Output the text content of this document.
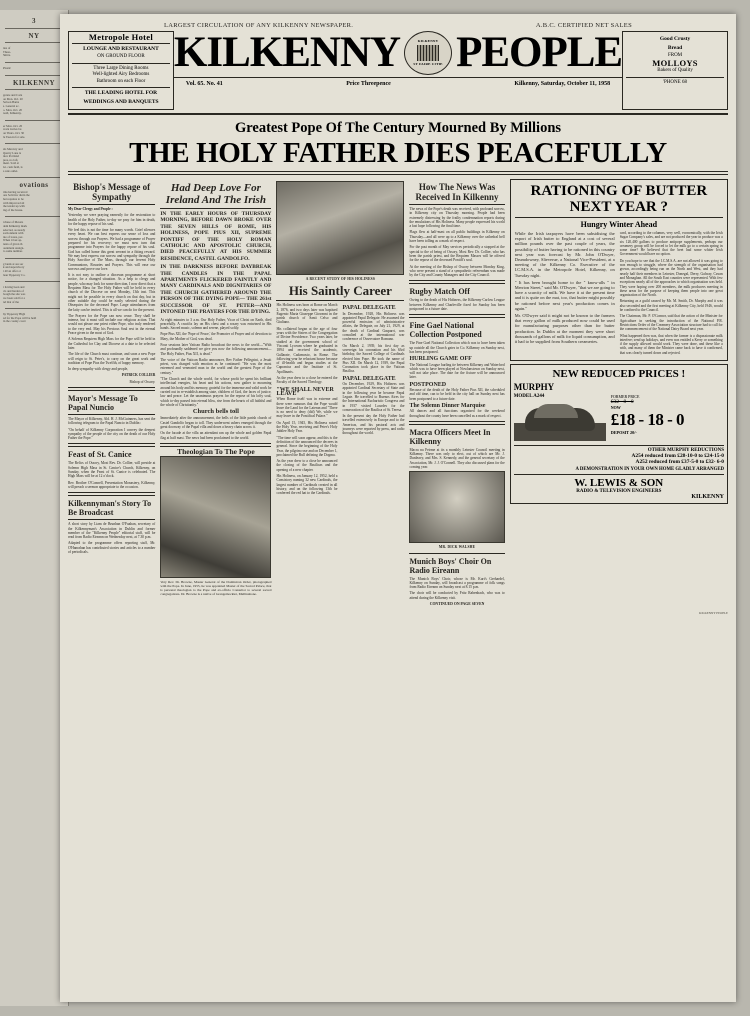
3
NY
ites of
Three-
Shirts.
Plastic
KILKENNY
gerate and Cork
on Mon. Oct. 20
Saloon Barns
s. General ac.
o. Mon. Oct. 20
reall, Kilkenny.
er Mon. Oct. 20
work lorries bu
on Thurs. Oct. 30
le Tues.in for sale.
als Mercury and
Quarry Lane is
nice Portland
pres, no loft,
ment. Sold at
Gi. cash field, is
a sale outlet.
ovations
rms having received
ons Solicitor durin the
hat requires to be
with improved alt
the tender up with
ing of the house.
rchase of Messrs
dem Kilkenny mark
selected, as steady
sortionment with
nte of loans, per-
When it last ap-
ients of given th
ountment Assign-
to same number.
g lands at are ser
k and supervisory
t 40 an offer or
lean Tipperary Co.
r having been and
cts and burden of
bough the site was
we been sold for a
nd that of the
hy Tipperary High
ad for the Pope will be held
in the county court
LARGEST CIRCULATION OF ANY KILKENNY NEWSPAPER.	A.B.C. CERTIFIED NET SALES
Metropole Hotel
LOUNGE AND RESTAURANT
ON GROUND FLOOR
Three Large Dining Rooms
Well-lighted Airy Bedrooms
Bathroom on each Floor
THE LEADING HOTEL FOR
WEDDINGS AND BANQUETS
KILKENNY	KILKENNY
ST FAIRE CITIE PEOPLE
Vol. 65. No. 41	Price Threepence	Kilkenny, Saturday, October 11, 1958
Good Crusty
Bread
FROM
MOLLOYS
Bakers of Quality
'PHONE 68
Greatest Pope Of The Century Mourned By Millions
THE HOLY FATHER DIES PEACEFULLY
Bishop's Message of Sympathy

My Dear Clergy and People :

Yesterday we were praying earnestly for the restoration to health of the Holy Father, to-day we pray for him in death, for the happy repose of his soul.

We feel this is not the time for many words. Grief silences every heart. We can best express our sense of loss and sorrow through our Prayers. We had a programme of Prayer prepared for his recovery; we must now turn that programme into Prayers for the happy repose of his soul. God has called home this great servant in a fitting reward. We may best express our sorrow and sympathy through the Holy Sacrifice of The Mass, through our fervent Holy Communions, Rosaries and Prayers. This will ease our sorrows and prove our love.

It is not easy to outline a diocesan programme at short notice, for a changed situation. As a help to clergy and people, who may look for some direction, I now direct that a Requiem Mass for The Holy Father will be held in every church of the Diocese on next Monday, 13th inst. This might not be possible in every church on that day, but in other suitable day could be easily selected during the Obsequies for the deceased Pope. Large attendances from the laity can be invited. This is all we can do for the present.

The Prayers for the Pope can now cease. They shall be intense, but it must still include our religious action. That would not please one priest either Pope, who truly rendered to the very end. May his Precious Soul rest in the eternal Peace given to the most of God.

A Solemn Requiem High Mass for the Pope will be held in the Cathedral for Clay and Diocese at a date to be selected later.

The life of the Church must continue, and soon a new Pope will reign to St. Peter's, to carry on the great work and tradition of Pope Pius the Twelfth, of happy memory.

In deep sympathy with clergy and people,

PATRICK COLLIER

Bishop of Ossory.

Mayor's Message To Papal Nuncio

The Mayor of Kilkenny, Ald. H. J. McGuinness, has sent the following telegram to the Papal Nuncio in Dublin :

"On behalf of Kilkenny Corporation I convey the deepest sympathy of the people of the city on the death of our Holy Father the Pope."

Feast of St. Canice

The Relics of Ossory, Most Rev. Dr. Collier, will preside at Solemn High Mass in St. Canice's Church, Kilkenny, on Sunday, when the Feast of St. Canice is celebrated. The High Mass will be at 12 o'clock.

Rev. Brother O'Connell, Presentation Monastery, Kilkenny, will preach a sermon appropriate to the occasion.

Kilkennyman's Story To Be Broadcast

A short story by Liam de Brunhan O'Fuahan, secretary of the Kilkennyman's Association in Dublin and former member of the "Kilkenny People" editorial staff, will be read from Radio Eireann on Wednesday next, at 7.30 p.m.

Adapted to the programme offers reporting staff, Mr. O'Hanrahan has contributed stories and articles to a number of periodicals.

Had Deep Love For Ireland And The Irish

IN THE EARLY HOURS OF THURSDAY MORNING, BEFORE DAWN BROKE OVER THE SEVEN HILLS OF ROME, HIS HOLINESS, POPE PIUS XII, SUPREME PONTIFF OF THE HOLY ROMAN CATHOLIC AND APOSTOLIC CHURCH, DIED PEACEFULLY AT HIS SUMMER RESIDENCE, CASTEL GANDOLFO.

IN THE DARKNESS BEFORE DAYBREAK THE CANDLES IN THE PAPAL APARTMENTS FLICKERED FAINTLY AND MANY CARDINALS AND DIGNITARIES OF THE CHURCH GATHERED AROUND THE PERSON OF THE DYING POPE— THE 261st SUCCESSOR OF ST. PETER—AND INTONED THE PRAYERS FOR THE DYING.

At eight minutes to 3 a.m. Our Holy Father, Vicar of Christ on Earth, died peacefully. A crucifix lay on His chest and a rosary was entwined in His hands. Sacred music, solemn and serene, played softly.

Pope Pius XII, the 'Pope of Peace,' the Promoter of Prayer and of devotion to Mary, the Mother of God, was dead.

Four sessions later Vatican Radio broadcast the news to the world—"With and profoundly saddened we give you now the following announcement—The Holy Father, Pius XII, is dead."

The voice of the Vatican Radio announcer, Rev Father Pellegrini, a Jesuit priest, was charged with emotion as he continued: "He was the most esteemed and venerated man in the world and the greatest Pope of the century."

"The Church and the whole world, for whose profit he spent his brilliant intellectual energies, his heart and his actions, now gather to mourning around his body and his memory, grateful for the immense and valid work he carried out in re-establish among state, children of God, the faces of justice, law and peace. Let the unanimous prayers for the repose of his lofty soul, which to-day passed into eternal bliss, rise from the hearts of all faithful and the whole of Christianity."

Church bells toll

Immediately after the announcement, the bells of the little parish church of Castel Gandolfo began to toll. They underwent ushers emerged through the great doorway of the Papal villa and down a heavy chain across it.

On the facade at the villa an attendant ran up the whole and golden Papal flag at half mast. The news had been proclaimed to the world.

Theologian To The Pope

Very Rev. Dr. Browne, Master General of the Dominican Order, photographed with the Pope. In June, 1955, he was appointed Master of the Sacred Palace, that is personal theologian to the Pope and ex-officio Consultor to several sacred congregations. Dr. Browne is a native of Grangemockler, Mullinahone.

A RECENT STUDY OF HIS HOLINESS
His Saintly Career

His Holiness was born at Rome on March 2, 1876, and two days later was baptised Eugenio Maria Giuseppe Giovanni in the parish church of Santi Celso and Giuliano.

His collateral began at the age of four years with the Sisters of the Congregation of Divine Providence. Two years later, he studied at the government school of Visconti Lyceum where he graduated in 1894 and received the academic, Gallarate, Cadamosto, in Rome. The following year he reluctant house because of ill-health and began studies at the Capranica and the Institute of St. Apollinaris.

As the year drew to a close he entered the Faculty of the Sacred Theology.

"WE SHALL NEVER LEAVE"

When Rome itself was in extreme and there were rumours that the Pope would leave the Land for the Lateran and "There is no need to deny (did) We, while we may leave in the Pontifical Palace."

On April 15, 1945, His Holiness raised the Holy Year, receiving and Peter's Holy Jubilee Holy Year.

"The time will soon appear, and this is the definition of the announced the decrees in general. Since the beginning of the Holy Year, the pilgrim rose and on December 1, proclaimed the Bull defining the Dogma.

As the year drew to a close he announced the closing of the Basilicas and the opening of a new chapter.

His Holiness, on January 12, 1952, held a Consistory naming 32 new Cardinals, the largest number of Cardinals created in all history, and on the following 13th he conferred the red hat to the Cardinals.

PAPAL DELEGATE

In December, 1928, His Holiness was appointed Papal Delegate. He assumed the powerful emission of administrative affairs, the Delegate, on July 21, 1929, at the death of Cardinal Gasparri, was consulted at the international war conference of Osservatore Romano.

On March 2, 1939, his first day as sovereign his coronation and his 63rd birthday, the Sacred College of Cardinals elected him Pope. He took the name of Pius XII. On March 12, 1939, the Papal Coronation took place in the Vatican Basilica.

PAPAL DELEGATE

On December, 1929, His Holiness was appointed Cardinal Secretary of State and in the following year he became Papal Legate. He travelled to Buenos Aires for the International Eucharistic Congress and in 1937 visited Lourdes for the consecration of the Basilica of St. Teresa.

In the present day the Holy Father had travelled extensively in Europe and to the Americas, and his pastoral acts and journeys were reported by press, and radio throughout the world.

How The News Was Received In Kilkenny

The news of the Pope's death was received, with profound sorrow, in Kilkenny city on Thursday morning. People had been extremely distressing by the frailty condemnation reports during the emulations of His Holiness. Many people expressed his world a fast hope following the final time.

Flags flew at half-mast on all public buildings in Kilkenny on Thursday—and all were up to a Kilkenny over the cathedral bell have been tolling as a mark of respect.

For the past month of May services periodically a stopped at the special to the of being of Ossory, Most Rev. Dr. Collier, who has been the parish priest, and the Requiem Masses will be offered for the repose of the deceased Pontiff's soul.

At the meeting of the Bishop of Ossory between Monday King, who were present a stand of a sympathetic referendum was made by the City and County Managers and the City Council.

Rugby Match Off

Owing to the death of His Holiness, the Kilkenny-Carlow League between Kilkenny and Charleville fixed for Sunday has been postponed to a future date.

Fine Gael National Collection Postponed

The Fine Gael National Collection which was to have been taken up outside all the Church gates in Co. Kilkenny on Sunday next, has been postponed.

HURLING GAME OFF

The National League hurling tie between Kilkenny and Waterford which was to have been played at Nowlanstown on Sunday next, will not take place. The date for the fixture will be announced later.

POSTPONED

Because of the death of the Holy Father Pius XII, the scheduled and old time, can to be held in the city hall on Sunday next has been postponed to a future date.

The Solemn Dinner Marquise

All dances and all functions organised for the weekend throughout the county have been cancelled as a mark of respect.

Macra Officers Meet In Kilkenny

Macra na Feirme at its a monthly Leinster Council meeting in Kilkenny. There was only to elect, out of which are Mr. J. Dunleavy, and Mrs. S. Kennedy, and the general secretary of the Association, Mr. J. J. O'Connell. They also discussed plans for the coming year.

MR. DICK WALSHE
Munich Boys' Choir On Radio Eireann

The Munich Boys' Choir, whose is Mr. Kurt's Gerhardel, Kilkenny on Sunday, will broadcast a programme of folk songs from Radio Eireann on Sunday next at 8.15 p.m.

The choir will be conducted by Fritz Rabenbach, who was to attend during the Kilkenny visit.

CONTINUED ON PAGE SEVEN

RATIONING OF BUTTER NEXT YEAR ?
Hungry Winter Ahead

While the Irish taxpayers have been subsidising the export of Irish butter to England at a cost of several million pounds over the past couple of years, the possibility of butter having to be rationed in this country next year was forecast by Mr. John O'Dwyer, Drumdowney, Slieverue, a National Vice-President, at a meeting of the Kilkenny Co. Executive of the I.C.M.S.A. in the Metropole Hotel, Kilkenny, on Tuesday night.

" It has been brought home to the " know-alls " in Merrion Street," said Mr. O'Dwyer, "that we are going to have a scarcity of milk. We have it at the present time and it is quite on the mat, too, that butter might possibly be rationed before next year's production comes in again."

Mr. O'Dwyer said it might not be known to the farmers that every gallon of milk produced now could be used for manufacturing purposes other than for butter production. In Dublin at the moment they were short thousands of gallons of milk for liquid consumption, and it had to be supplied from Southern creameries.

card, according to the columns, very well, economically, with the Irish Sugar Company's sales, and are not produced the year in produce was a six 120,400 gallons to produce antipope supplements, perhaps our creamery group will be forced to let the milk go to a certain spring in some time? He believed that the beet had some whiter Irish Government would have no option.

Do you hope to see that the I.C.M.S.A. are not allowed it was going to was enough to struggle, where the strength of the organisation had grown, accordingly being run on the North and West, and they had nearly half their members in Leinster, Donegal, Derry, Galway, Cavan and Monaghan. All the South East counties were represented. With few exceptions nearly all of the approaches to which organisation was held. They were hoping over 200 members, the milk producers meeting in these areas for the purpose of keeping them people into one great organisation of the North.

Returning as a guild caused by Mr. M. Smith, Dr. Murphy and it was also seconded and the first meeting at Kilkenny City, held 1946, would be confined to the Council.

The Chairman, Mr. P. O'Connor, said that the action of the Minister for Agriculture in seeking the introduction of the National P.R. Restrictions Order of the Creamery Association structure had to call for the commencement of the National Dairy Board next year.

What happened then was, that when the farmer is a dispassionate milk interfere; send up holidays, and even was entitled a Kerry or something if the supply allowed would work. They were done, and these like a with, and many of them the Minister came back to have it confirmed, that was clearly turned down and rejected.

NEW REDUCED PRICES !
MURPHY
MODEL A244	FORMER PRICE
£32 - 8 - 0
NOW
£18 - 18 - 0
DEPOSIT 20/-
OTHER MURPHY REDUCTIONS
A254 reduced from £28-10-0 to £24-15-0
A252 reduced from £37-5-0 to £32- 6-0
A DEMONSTRATION IN YOUR OWN HOME GLADLY ARRANGED
W. LEWIS & SON
RADIO & TELEVISION ENGINEERS
KILKENNY
KILKENNY PEOPLE
